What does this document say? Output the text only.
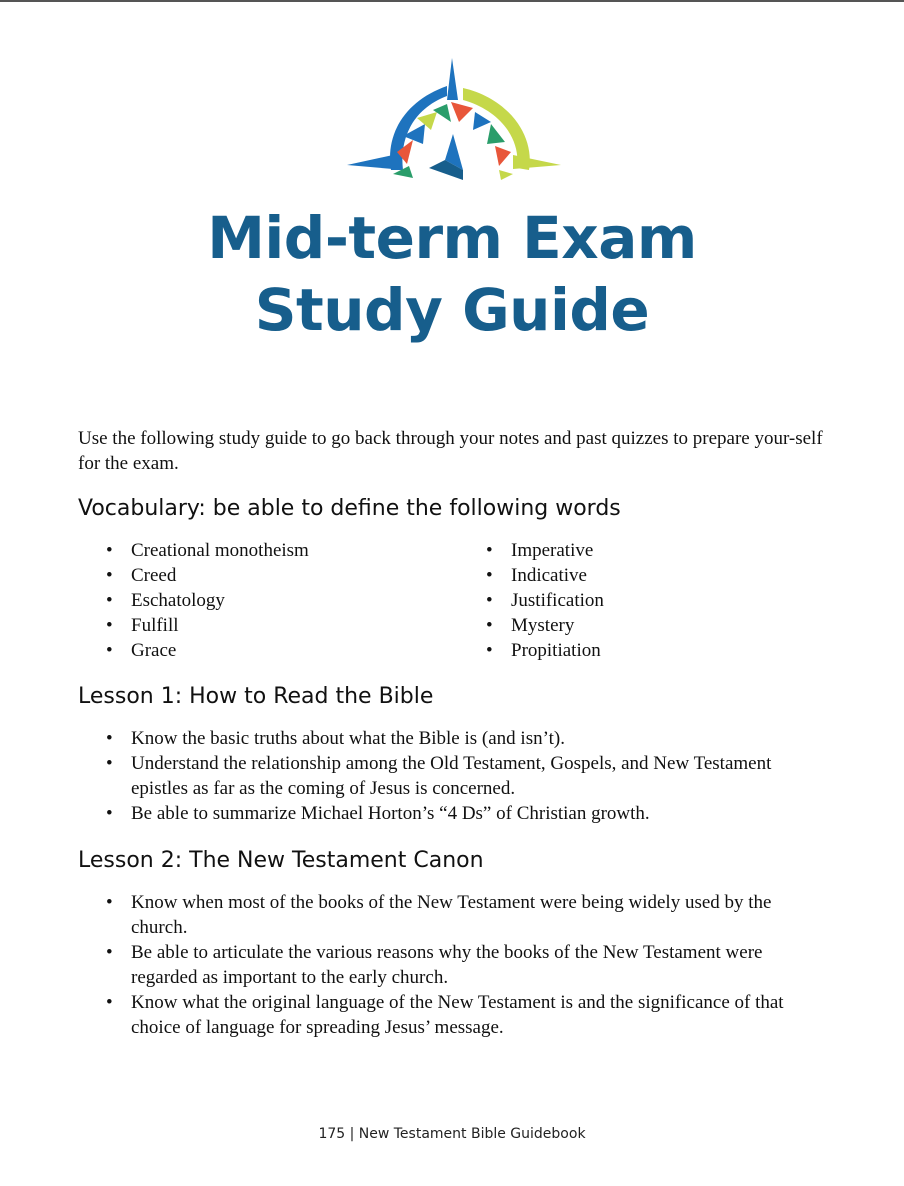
Mid-term Exam
Study Guide
Use the following study guide to go back through your notes and past quizzes to prepare your-self for the exam.
Vocabulary: be able to define the following words
• Creational monotheism
• Creed
• Eschatology
• Fulfill
• Grace
• Imperative
• Indicative
• Justification
• Mystery
• Propitiation
Lesson 1: How to Read the Bible
• Know the basic truths about what the Bible is (and isn’t).
• Understand the relationship among the Old Testament, Gospels, and New Testament epistles as far as the coming of Jesus is concerned.
• Be able to summarize Michael Horton’s “4 Ds” of Christian growth.
Lesson 2: The New Testament Canon
• Know when most of the books of the New Testament were being widely used by the church.
• Be able to articulate the various reasons why the books of the New Testament were regarded as important to the early church.
• Know what the original language of the New Testament is and the significance of that choice of language for spreading Jesus’ message.
175 | New Testament Bible Guidebook
